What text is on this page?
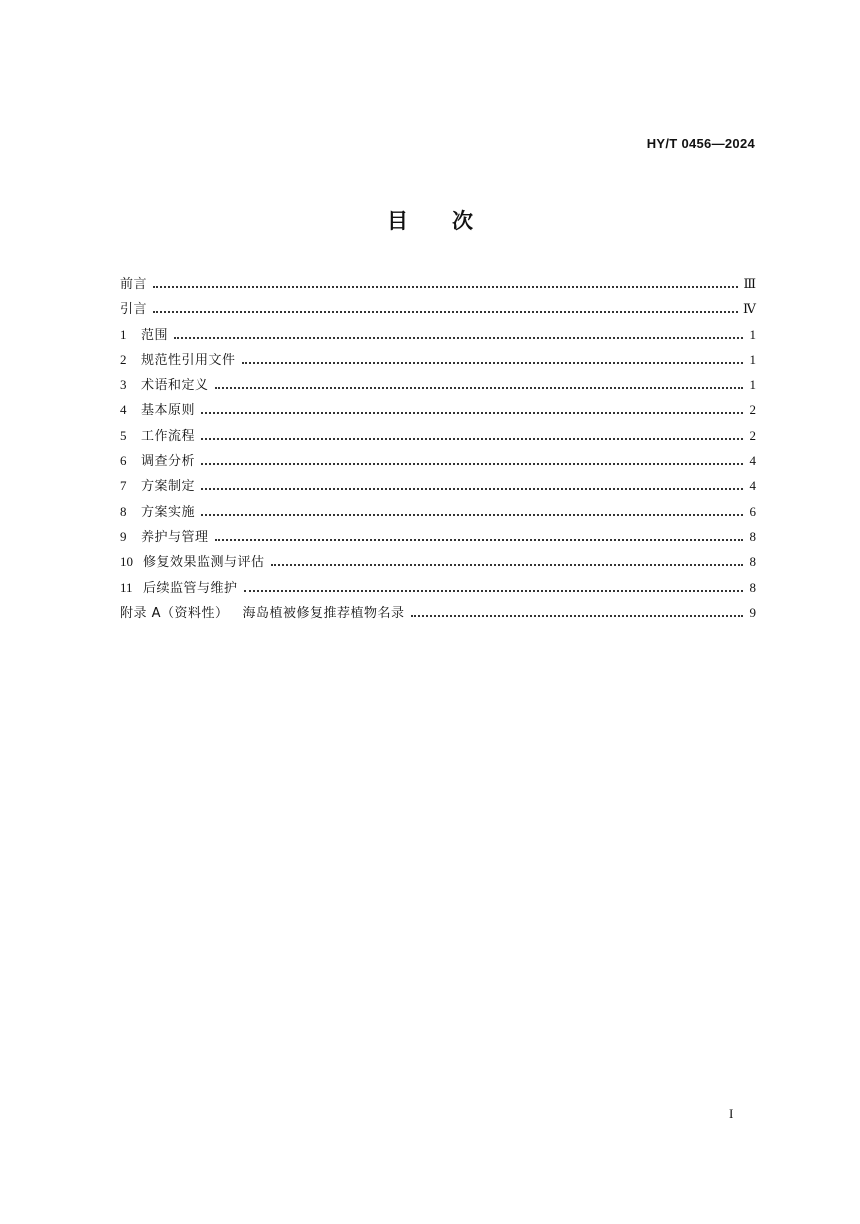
HY/T 0456—2024
目 次
前言	Ⅲ
引言	Ⅳ
1	范围	1
2	规范性引用文件	1
3	术语和定义	1
4	基本原则	2
5	工作流程	2
6	调查分析	4
7	方案制定	4
8	方案实施	6
9	养护与管理	8
10 修复效果监测与评估	8
11 后续监管与维护	8
附录 A（资料性） 海岛植被修复推荐植物名录	9
I
